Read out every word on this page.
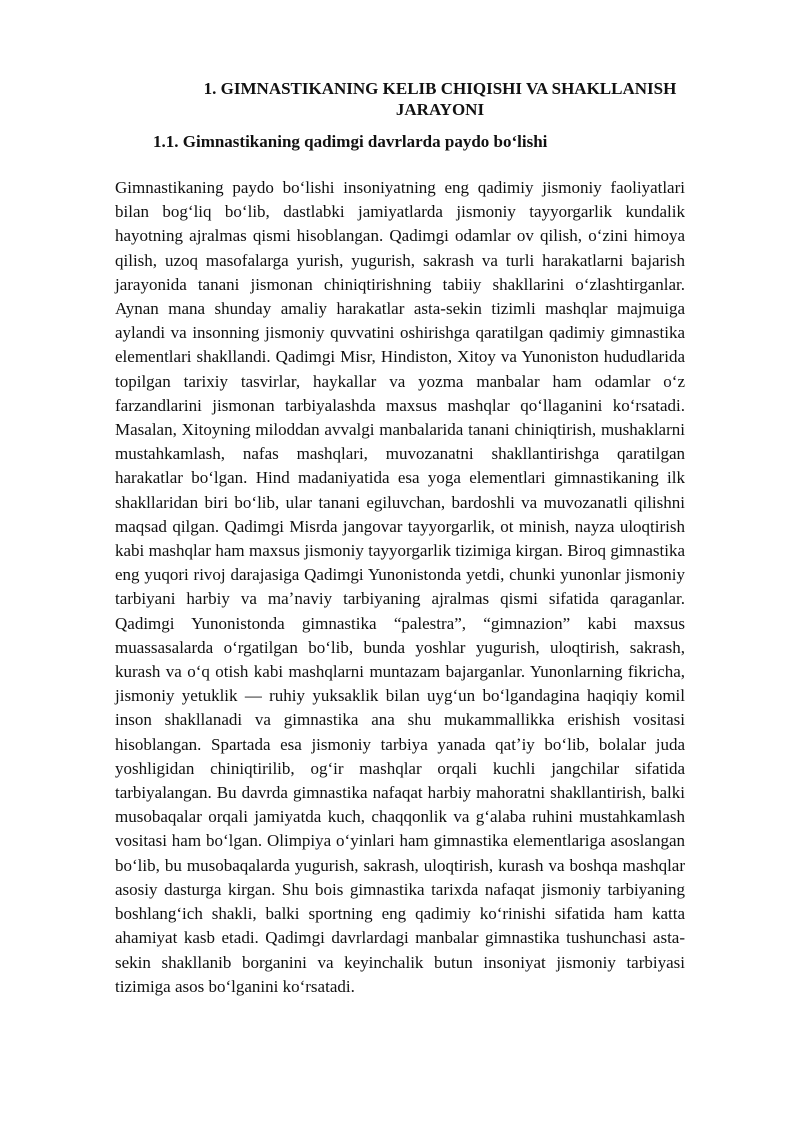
1. GIMNASTIKANING KELIB CHIQISHI VA SHAKLLANISH
JARAYONI
1.1. Gimnastikaning qadimgi davrlarda paydo boʻlishi

Gimnastikaning paydo boʻlishi insoniyatning eng qadimiy jismoniy faoliyatlari bilan bogʻliq boʻlib, dastlabki jamiyatlarda jismoniy tayyorgarlik kundalik hayotning ajralmas qismi hisoblangan. Qadimgi odamlar ov qilish, oʻzini himoya qilish, uzoq masofalarga yurish, yugurish, sakrash va turli harakatlarni bajarish jarayonida tanani jismonan chiniqtirishning tabiiy shakllarini oʻzlashtirganlar. Aynan mana shunday amaliy harakatlar asta-sekin tizimli mashqlar majmuiga aylandi va insonning jismoniy quvvatini oshirishga qaratilgan qadimiy gimnastika elementlari shakllandi. Qadimgi Misr, Hindiston, Xitoy va Yunoniston hududlarida topilgan tarixiy tasvirlar, haykallar va yozma manbalar ham odamlar oʻz farzandlarini jismonan tarbiyalashda maxsus mashqlar qoʻllaganini koʻrsatadi. Masalan, Xitoyning miloddan avvalgi manbalarida tanani chiniqtirish, mushaklarni mustahkamlash, nafas mashqlari, muvozanatni shakllantirishga qaratilgan harakatlar boʻlgan. Hind madaniyatida esa yoga elementlari gimnastikaning ilk shakllaridan biri boʻlib, ular tanani egiluvchan, bardoshli va muvozanatli qilishni maqsad qilgan. Qadimgi Misrda jangovar tayyorgarlik, ot minish, nayza uloqtirish kabi mashqlar ham maxsus jismoniy tayyorgarlik tizimiga kirgan. Biroq gimnastika eng yuqori rivoj darajasiga Qadimgi Yunonistonda yetdi, chunki yunonlar jismoniy tarbiyani harbiy va maʼnaviy tarbiyaning ajralmas qismi sifatida qaraganlar. Qadimgi Yunonistonda gimnastika “palestra”, “gimnazion” kabi maxsus muassasalarda oʻrgatilgan boʻlib, bunda yoshlar yugurish, uloqtirish, sakrash, kurash va oʻq otish kabi mashqlarni muntazam bajarganlar. Yunonlarning fikricha, jismoniy yetuklik — ruhiy yuksaklik bilan uygʻun boʻlgandagina haqiqiy komil inson shakllanadi va gimnastika ana shu mukammallikka erishish vositasi hisoblangan. Spartada esa jismoniy tarbiya yanada qatʼiy boʻlib, bolalar juda yoshligidan chiniqtirilib, ogʻir mashqlar orqali kuchli jangchilar sifatida tarbiyalangan. Bu davrda gimnastika nafaqat harbiy mahoratni shakllantirish, balki musobaqalar orqali jamiyatda kuch, chaqqonlik va gʻalaba ruhini mustahkamlash vositasi ham boʻlgan. Olimpiya oʻyinlari ham gimnastika elementlariga asoslangan boʻlib, bu musobaqalarda yugurish, sakrash, uloqtirish, kurash va boshqa mashqlar asosiy dasturga kirgan. Shu bois gimnastika tarixda nafaqat jismoniy tarbiyaning boshlangʻich shakli, balki sportning eng qadimiy koʻrinishi sifatida ham katta ahamiyat kasb etadi. Qadimgi davrlardagi manbalar gimnastika tushunchasi asta-sekin shakllanib borganini va keyinchalik butun insoniyat jismoniy tarbiyasi tizimiga asos boʻlganini koʻrsatadi.
